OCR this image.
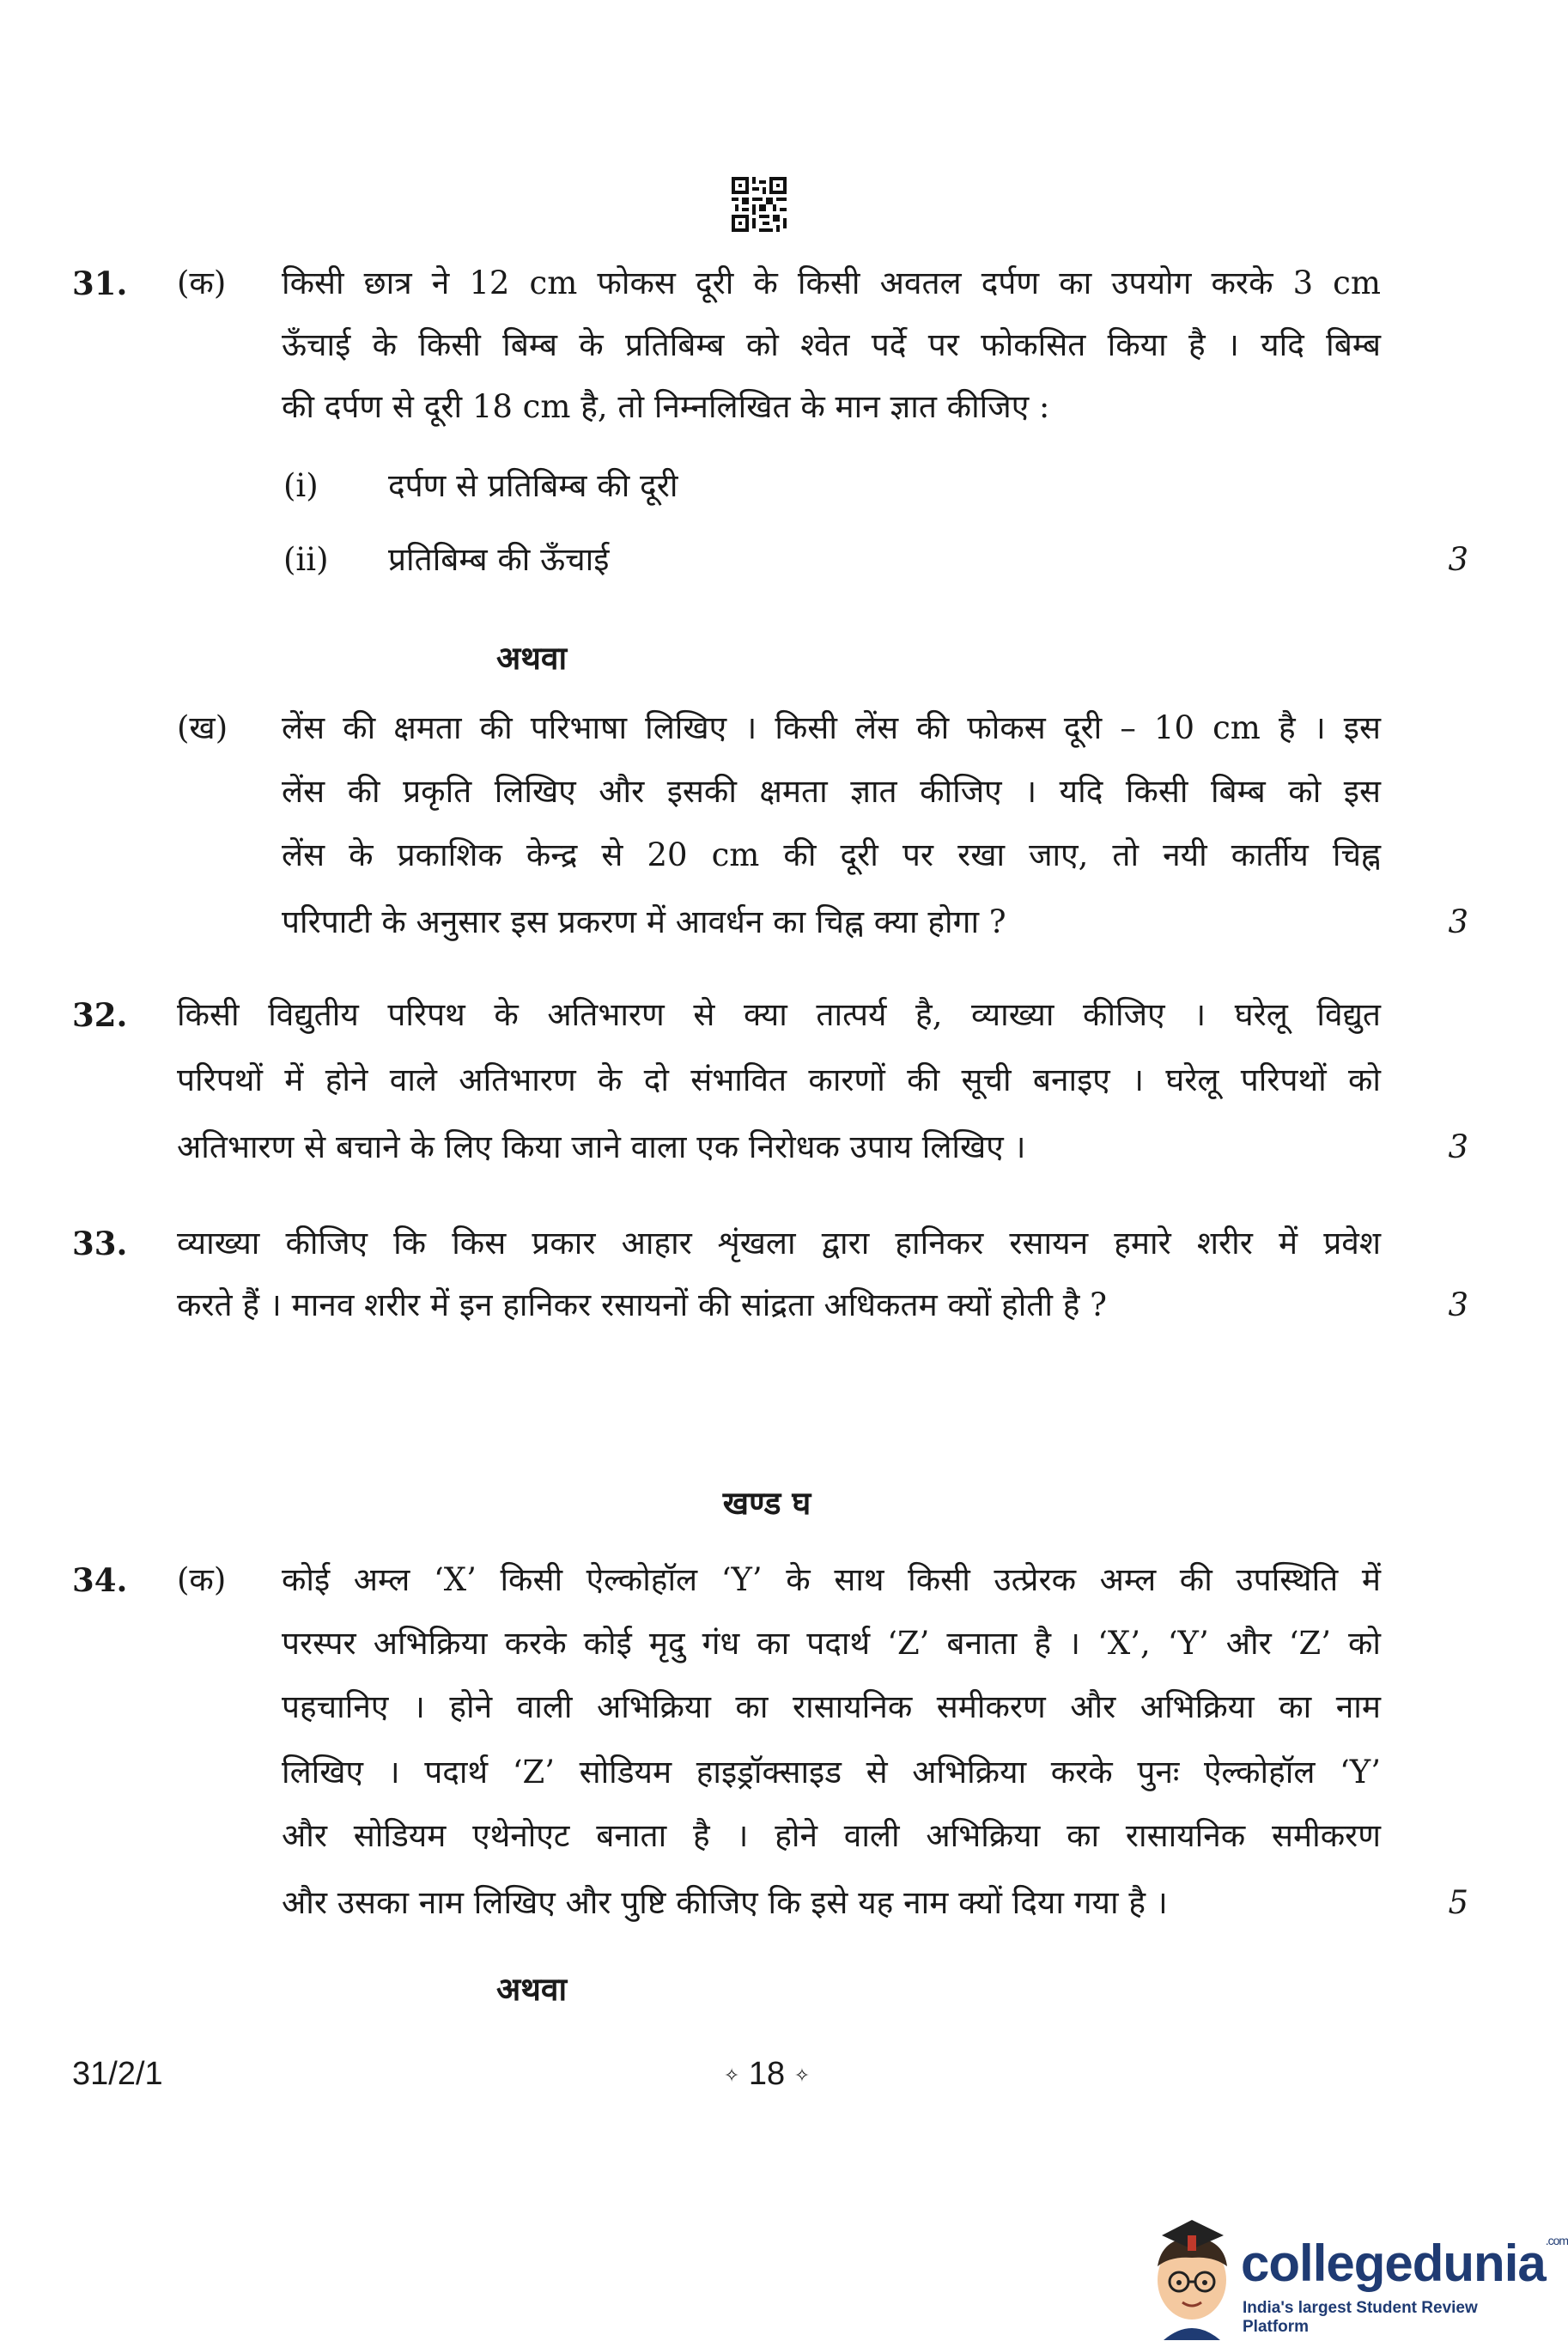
31. (क) किसी छात्र ने 12 cm फोकस दूरी के किसी अवतल दर्पण का उपयोग करके 3 cm
ऊँचाई के किसी बिम्ब के प्रतिबिम्ब को श्वेत पर्दे पर फोकसित किया है । यदि बिम्ब
की दर्पण से दूरी 18 cm है, तो निम्नलिखित के मान ज्ञात कीजिए :
(i) दर्पण से प्रतिबिम्ब की दूरी
(ii) प्रतिबिम्ब की ऊँचाई	3
अथवा
(ख) लेंस की क्षमता की परिभाषा लिखिए । किसी लेंस की फोकस दूरी – 10 cm है । इस
लेंस की प्रकृति लिखिए और इसकी क्षमता ज्ञात कीजिए । यदि किसी बिम्ब को इस
लेंस के प्रकाशिक केन्द्र से 20 cm की दूरी पर रखा जाए, तो नयी कार्तीय चिह्न
परिपाटी के अनुसार इस प्रकरण में आवर्धन का चिह्न क्या होगा ?	3
32. किसी विद्युतीय परिपथ के अतिभारण से क्या तात्पर्य है, व्याख्या कीजिए । घरेलू विद्युत
परिपथों में होने वाले अतिभारण के दो संभावित कारणों की सूची बनाइए । घरेलू परिपथों को
अतिभारण से बचाने के लिए किया जाने वाला एक निरोधक उपाय लिखिए ।	3
33. व्याख्या कीजिए कि किस प्रकार आहार शृंखला द्वारा हानिकर रसायन हमारे शरीर में प्रवेश
करते हैं । मानव शरीर में इन हानिकर रसायनों की सांद्रता अधिकतम क्यों होती है ?	3
खण्ड घ
34. (क) कोई अम्ल ‘X’ किसी ऐल्कोहॉल ‘Y’ के साथ किसी उत्प्रेरक अम्ल की उपस्थिति में
परस्पर अभिक्रिया करके कोई मृदु गंध का पदार्थ ‘Z’ बनाता है । ‘X’, ‘Y’ और ‘Z’ को
पहचानिए । होने वाली अभिक्रिया का रासायनिक समीकरण और अभिक्रिया का नाम
लिखिए । पदार्थ ‘Z’ सोडियम हाइड्रॉक्साइड से अभिक्रिया करके पुनः ऐल्कोहॉल ‘Y’
और सोडियम एथेनोएट बनाता है । होने वाली अभिक्रिया का रासायनिक समीकरण
और उसका नाम लिखिए और पुष्टि कीजिए कि इसे यह नाम क्यों दिया गया है ।	5
अथवा
31/2/1	✧ 18 ✧
collegedunia$^{.com}$
India's largest Student Review Platform
